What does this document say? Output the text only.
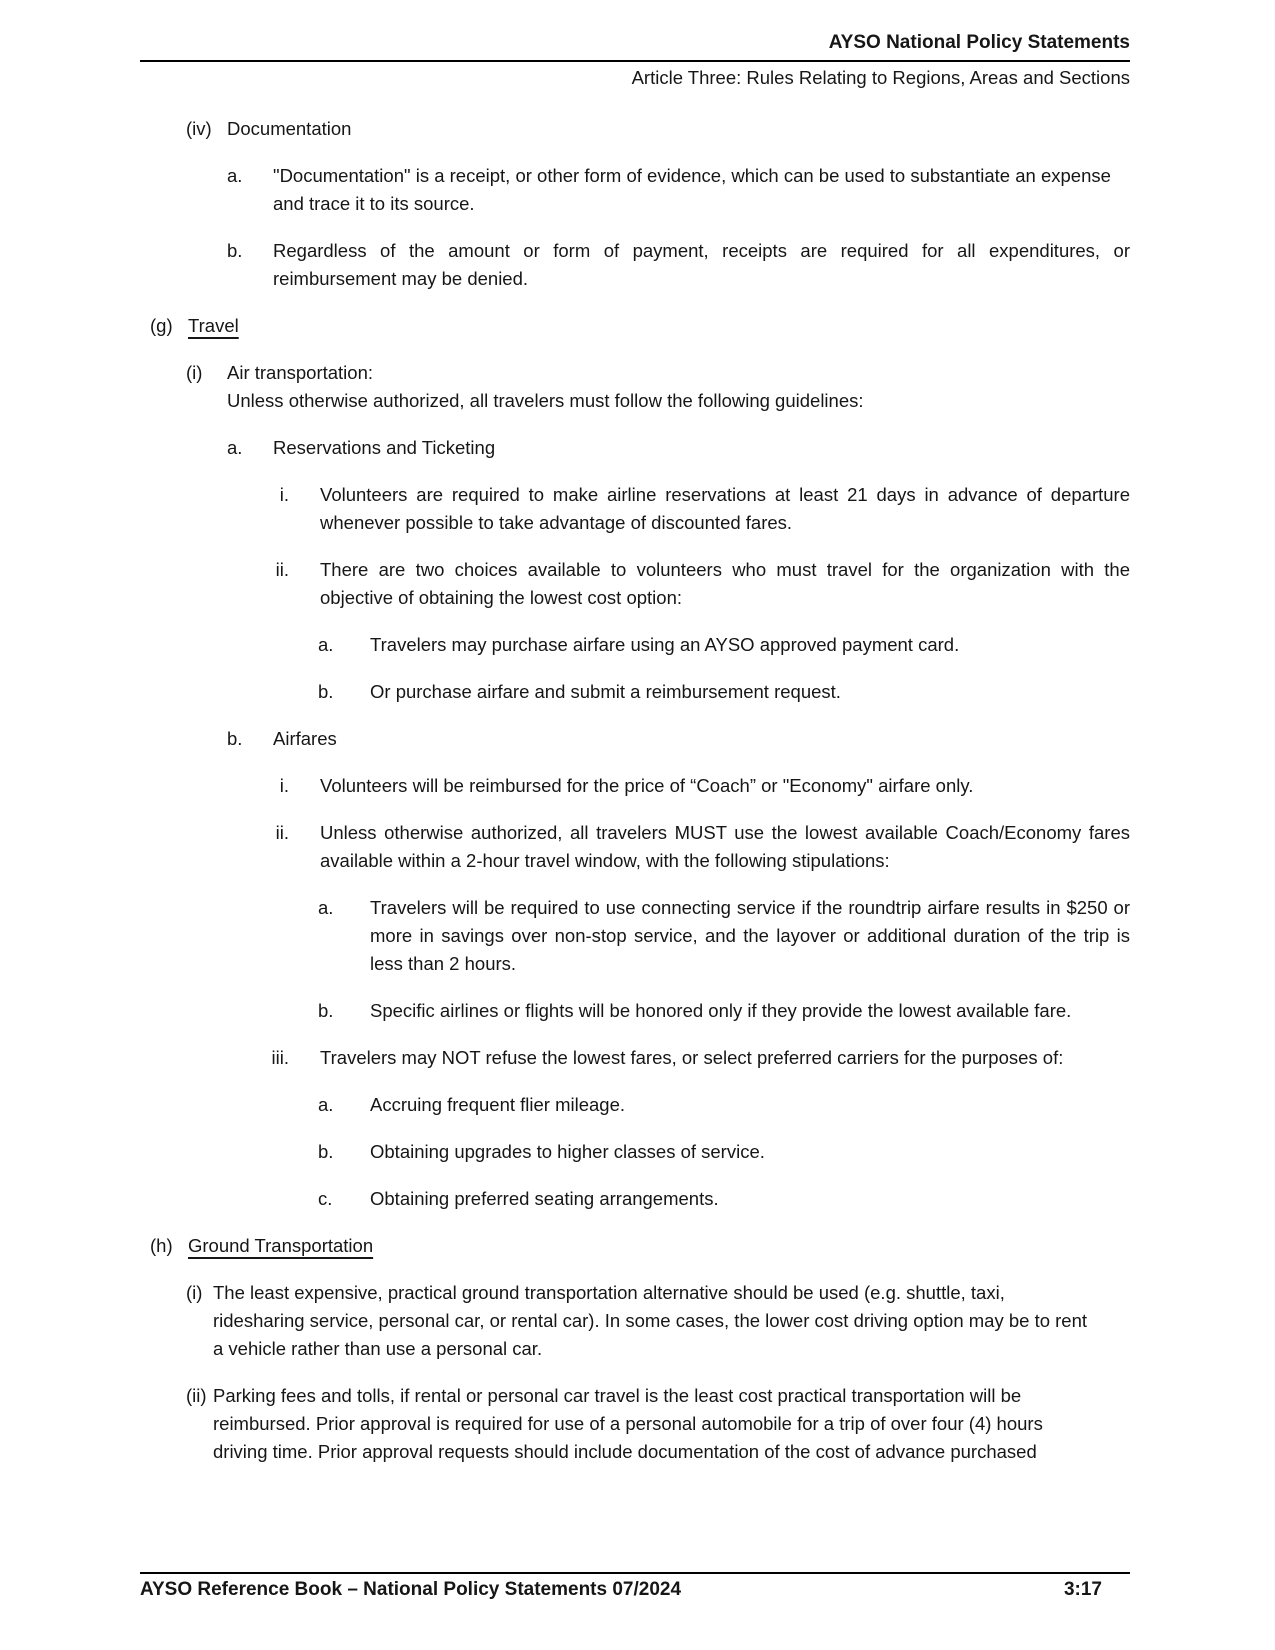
AYSO National Policy Statements
Article Three: Rules Relating to Regions, Areas and Sections
(iv) Documentation
a. "Documentation" is a receipt, or other form of evidence, which can be used to substantiate an expense
and trace it to its source.
b. Regardless of the amount or form of payment, receipts are required for all expenditures, or reimbursement may be denied.
(g) Travel
(i) Air transportation:
Unless otherwise authorized, all travelers must follow the following guidelines:
a. Reservations and Ticketing
i. Volunteers are required to make airline reservations at least 21 days in advance of departure whenever possible to take advantage of discounted fares.
ii. There are two choices available to volunteers who must travel for the organization with the objective of obtaining the lowest cost option:
a. Travelers may purchase airfare using an AYSO approved payment card.
b. Or purchase airfare and submit a reimbursement request.
b. Airfares
i. Volunteers will be reimbursed for the price of “Coach” or "Economy" airfare only.
ii. Unless otherwise authorized, all travelers MUST use the lowest available Coach/Economy fares available within a 2-hour travel window, with the following stipulations:
a. Travelers will be required to use connecting service if the roundtrip airfare results in $250 or more in savings over non-stop service, and the layover or additional duration of the trip is less than 2 hours.
b. Specific airlines or flights will be honored only if they provide the lowest available fare.
iii. Travelers may NOT refuse the lowest fares, or select preferred carriers for the purposes of:
a. Accruing frequent flier mileage.
b. Obtaining upgrades to higher classes of service.
c. Obtaining preferred seating arrangements.
(h) Ground Transportation
(i) The least expensive, practical ground transportation alternative should be used (e.g. shuttle, taxi,
ridesharing service, personal car, or rental car). In some cases, the lower cost driving option may be to rent
a vehicle rather than use a personal car.
(ii) Parking fees and tolls, if rental or personal car travel is the least cost practical transportation will be
reimbursed. Prior approval is required for use of a personal automobile for a trip of over four (4) hours
driving time. Prior approval requests should include documentation of the cost of advance purchased
AYSO Reference Book – National Policy Statements 07/2024	3:17
